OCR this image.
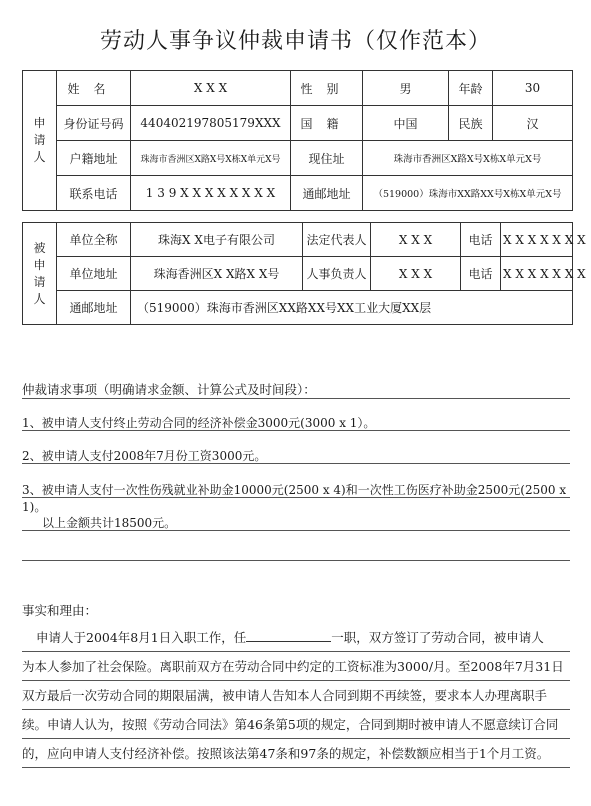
劳动人事争议仲裁申请书（仅作范本）
申
请
人	姓名	X X X	性别	男	年龄	30
	身份证号码	440402197805179XXX	国籍	中国	民族	汉
	户籍地址	珠海市香洲区X路X号X栋X单元X号	现住址	珠海市香洲区X路X号X栋X单元X号		
	联系电话	1 3 9 X X X X X X X X	通邮地址	（519000）珠海市XX路XX号X栋X单元X号		
被
申
请
人	单位全称	珠海X X电子有限公司	法定代表人	X X X	电话	X X X X X X X
	单位地址	珠海香洲区X X路X X号	人事负责人	X X X	电话	X X X X X X X
	通邮地址	（519000）珠海市香洲区XX路XX号XX工业大厦XX层				
仲裁请求事项（明确请求金额、计算公式及时间段）：
1、被申请人支付终止劳动合同的经济补偿金3000元(3000 x 1）。
2、被申请人支付2008年7月份工资3000元。
3、被申请人支付一次性伤残就业补助金10000元(2500 x 4)和一次性工伤医疗补助金2500元(2500 x 1)。
以上金额共计18500元。
事实和理由：
申请人于2004年8月1日入职工作，任	一职，双方签订了劳动合同，被申请人
为本人参加了社会保险。离职前双方在劳动合同中约定的工资标准为3000/月。至2008年7月31日
双方最后一次劳动合同的期限届满，被申请人告知本人合同到期不再续签，要求本人办理离职手
续。申请人认为，按照《劳动合同法》第46条第5项的规定，合同到期时被申请人不愿意续订合同
的，应向申请人支付经济补偿。按照该法第47条和97条的规定，补偿数额应相当于1个月工资。
